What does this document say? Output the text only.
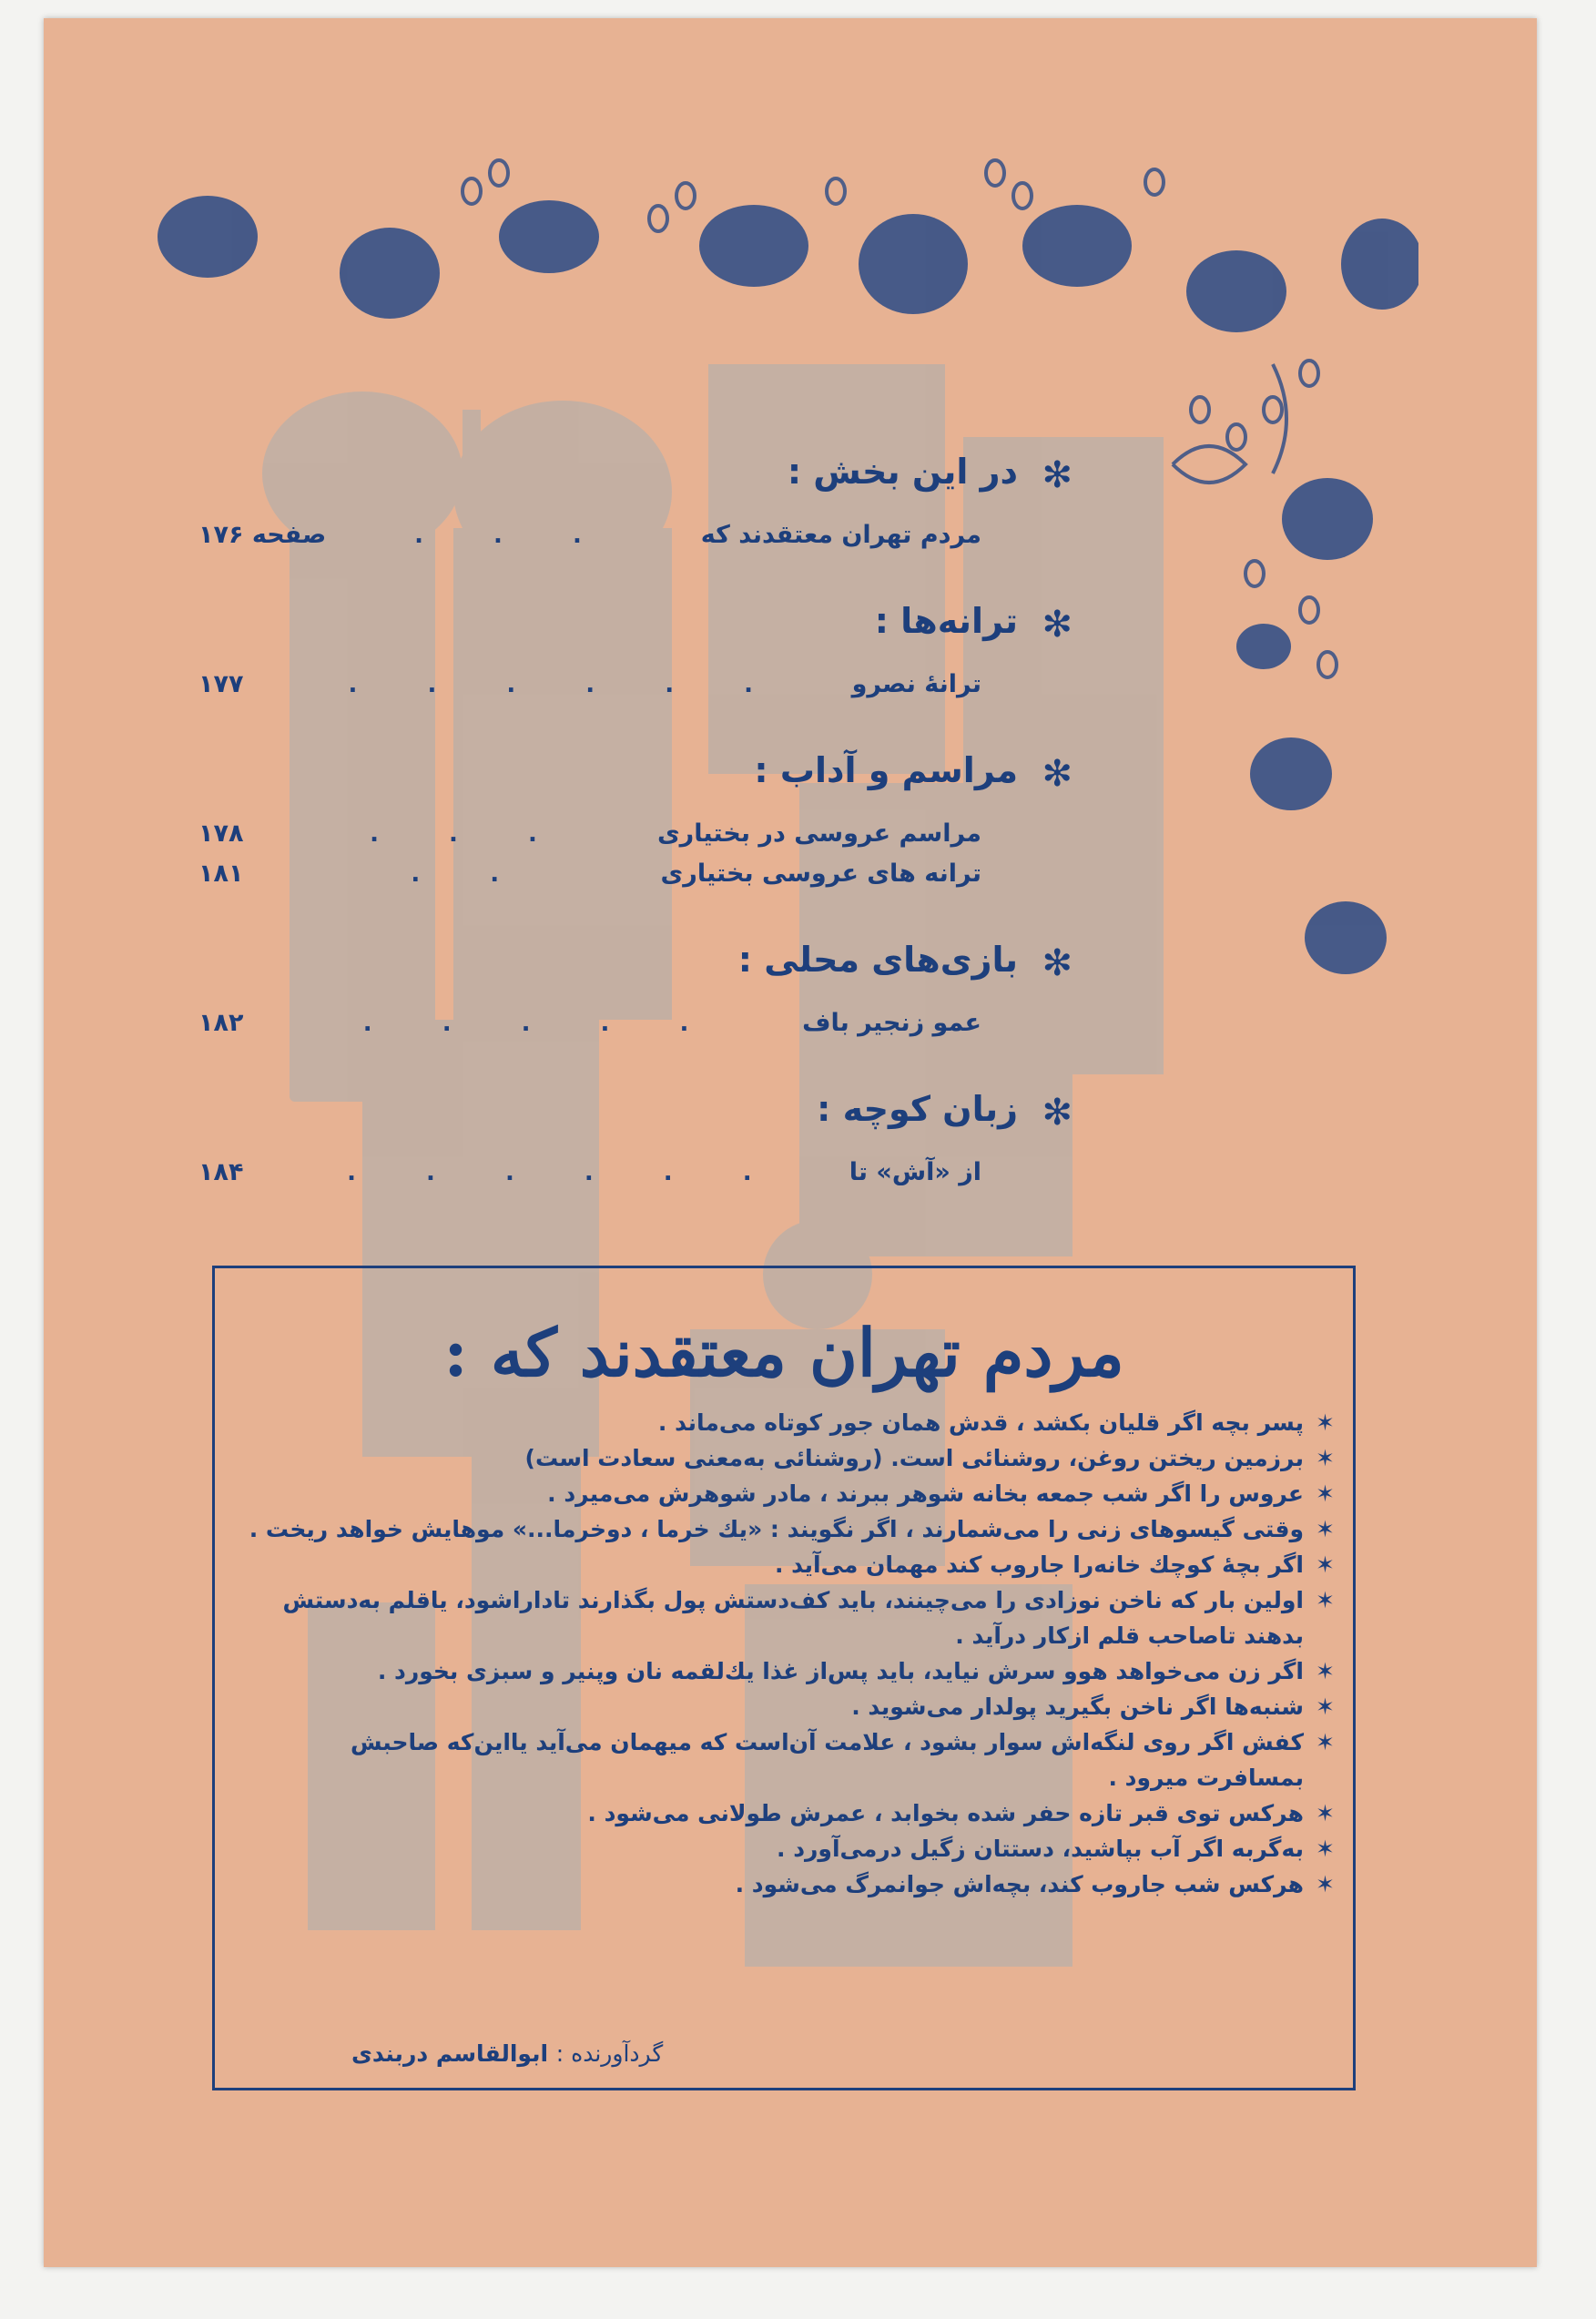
✻
در این بخش :
مردم تهران معتقدند که
. . .
صفحه ۱۷۶
✻
ترانه‌ها :
ترانهٔ نصرو
. . . . . .
۱۷۷
✻
مراسم و آداب :
مراسم عروسی در بختیاری
. . .
۱۷۸
ترانه های عروسی بختیاری
. .
۱۸۱
✻
بازی‌های محلی :
عمو زنجیر باف
. . . . .
۱۸۲
✻
زبان کوچه :
از «آش» تا
. . . . . .
۱۸۴
مردم تهران معتقدند که :
✶
پسر بچه اگر قلیان بکشد ، قدش همان جور کوتاه می‌ماند .
✶
برزمین ریختن روغن، روشنائی است. (روشنائی به‌معنی سعادت است)
✶
عروس را اگر شب جمعه بخانه شوهر ببرند ، مادر شوهرش می‌میرد .
✶
وقتی گیسوهای زنی را می‌شمارند ، اگر نگویند : «یك خرما ، دوخرما...» موهایش خواهد ریخت .
✶
اگر بچهٔ کوچك خانه‌را جاروب کند مهمان می‌آید .
✶
اولین بار که ناخن نوزادی را می‌چینند، باید کف‌دستش پول بگذارند تاداراشود، یاقلم به‌دستش بدهند تاصاحب قلم ازکار درآید .
✶
اگر زن می‌خواهد هوو سرش نیاید، باید پس‌از غذا یك‌لقمه نان وپنیر و سبزی بخورد .
✶
شنبه‌ها اگر ناخن بگیرید پولدار می‌شوید .
✶
کفش اگر روی لنگه‌اش سوار بشود ، علامت آن‌است که میهمان می‌آید یااین‌که صاحبش بمسافرت میرود .
✶
هرکس توی قبر تازه حفر شده بخوابد ، عمرش طولانی می‌شود .
✶
به‌گربه اگر آب بپاشید، دستتان زگیل درمی‌آورد .
✶
هرکس شب جاروب کند، بچه‌اش جوانمرگ می‌شود .
گردآورنده : ابوالقاسم دربندی
